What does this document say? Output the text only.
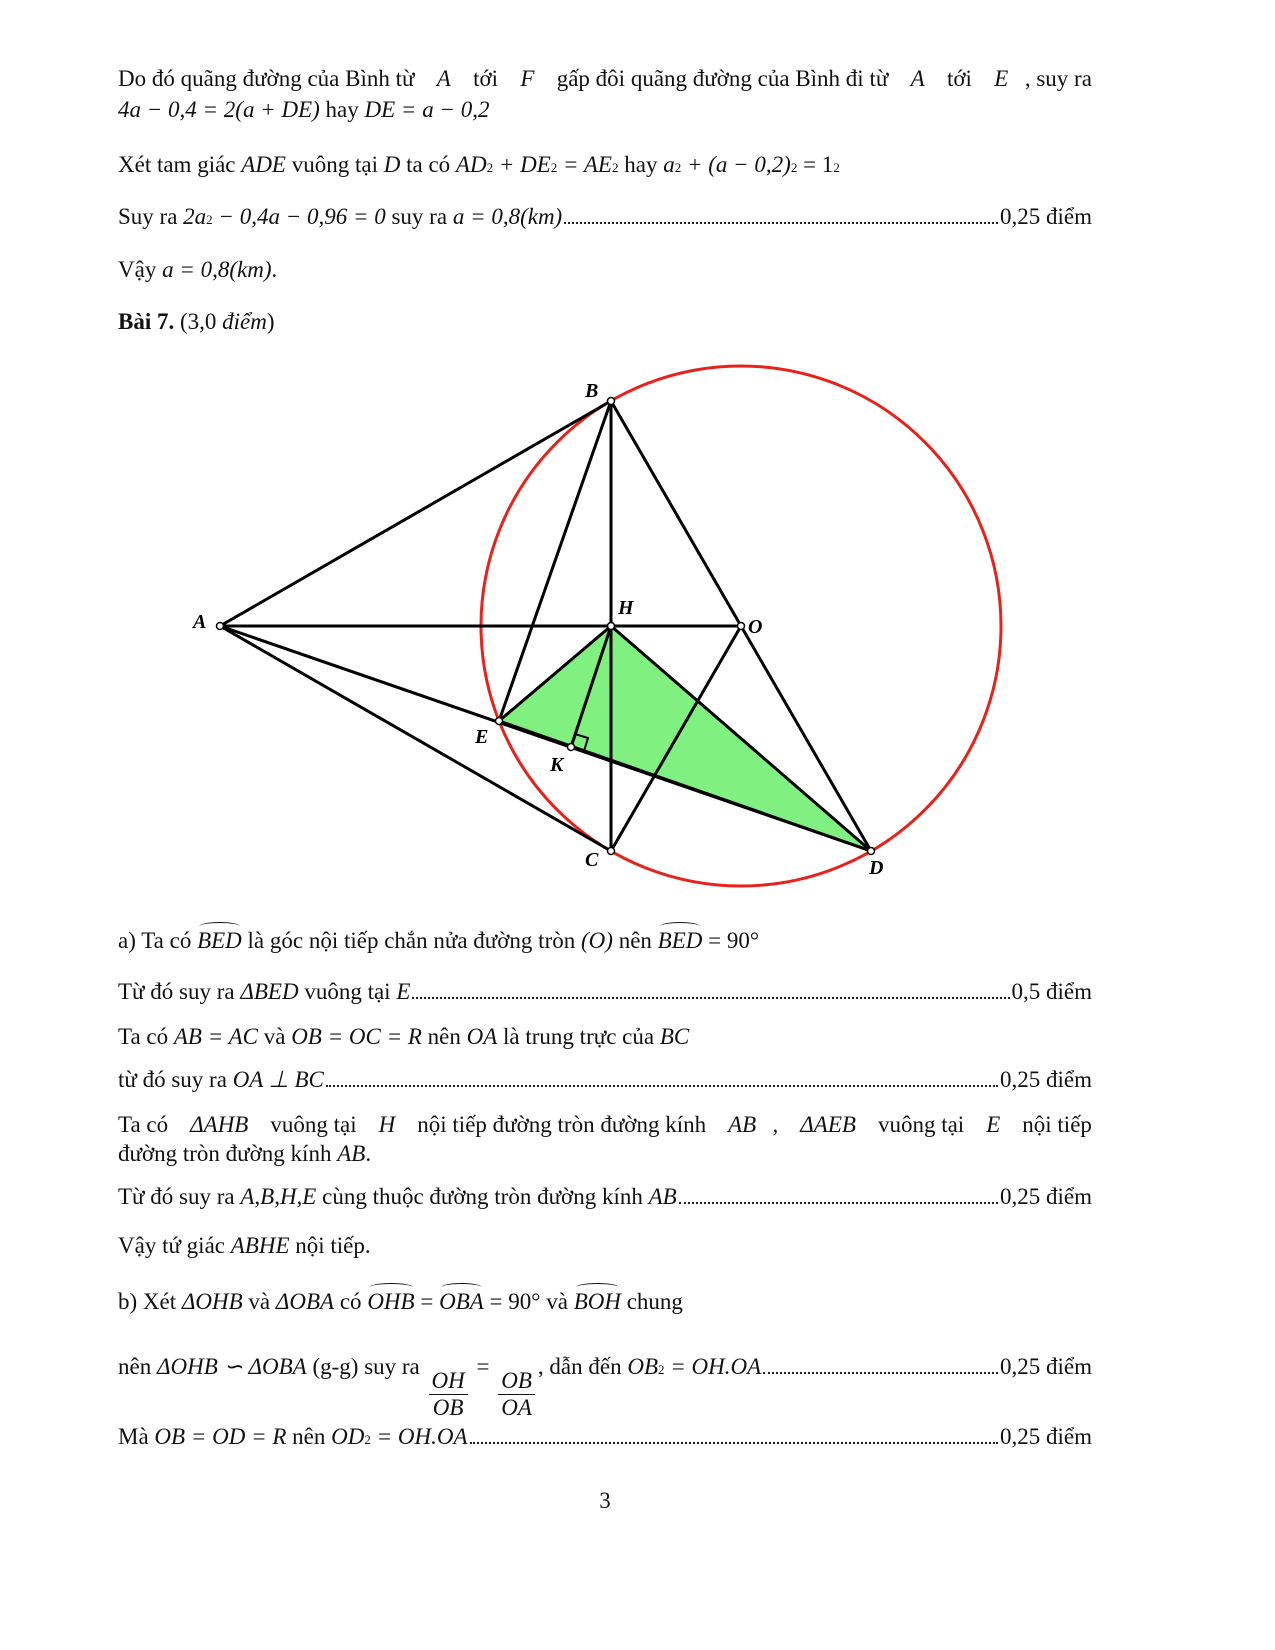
A
B
H
O
C
E
K
D
Do đó quãng đường của Bình từ A tới F gấp đôi quãng đường của Bình đi từ A tới E , suy ra
4a − 0,4 = 2(a + DE) hay DE = a − 0,2
Xét tam giác ADE vuông tại D ta có AD 2 + DE 2 = AE 2 hay a 2 + (a − 0,2) 2 = 1 2
Suy ra 2a 2 − 0,4a − 0,96 = 0 suy ra a = 0,8(km)	0,25 điểm
Vậy a = 0,8(km) .
Bài 7. (3,0 điểm )
a) Ta có BED là góc nội tiếp chắn nửa đường tròn (O) nên BED = 90°
Từ đó suy ra ΔBED vuông tại E	0,5 điểm
Ta có AB = AC và OB = OC = R nên OA là trung trực của BC
từ đó suy ra OA ⊥ BC	0,25 điểm
Ta có ΔAHB vuông tại H nội tiếp đường tròn đường kính AB , ΔAEB vuông tại E nội tiếp
đường tròn đường kính AB .
Từ đó suy ra A,B,H,E cùng thuộc đường tròn đường kính AB	0,25 điểm
Vậy tứ giác ABHE nội tiếp.
b) Xét ΔOHB và ΔOBA có OHB = OBA = 90° và BOH chung
nên ΔOHB ∽ ΔOBA (g-g) suy ra
$\frac{OH}{OB}$
=
$\frac{OB}{OA}$
, dẫn đến OB 2 = OH.OA	0,25 điểm
Mà OB = OD = R nên OD 2 = OH.OA	0,25 điểm
3
